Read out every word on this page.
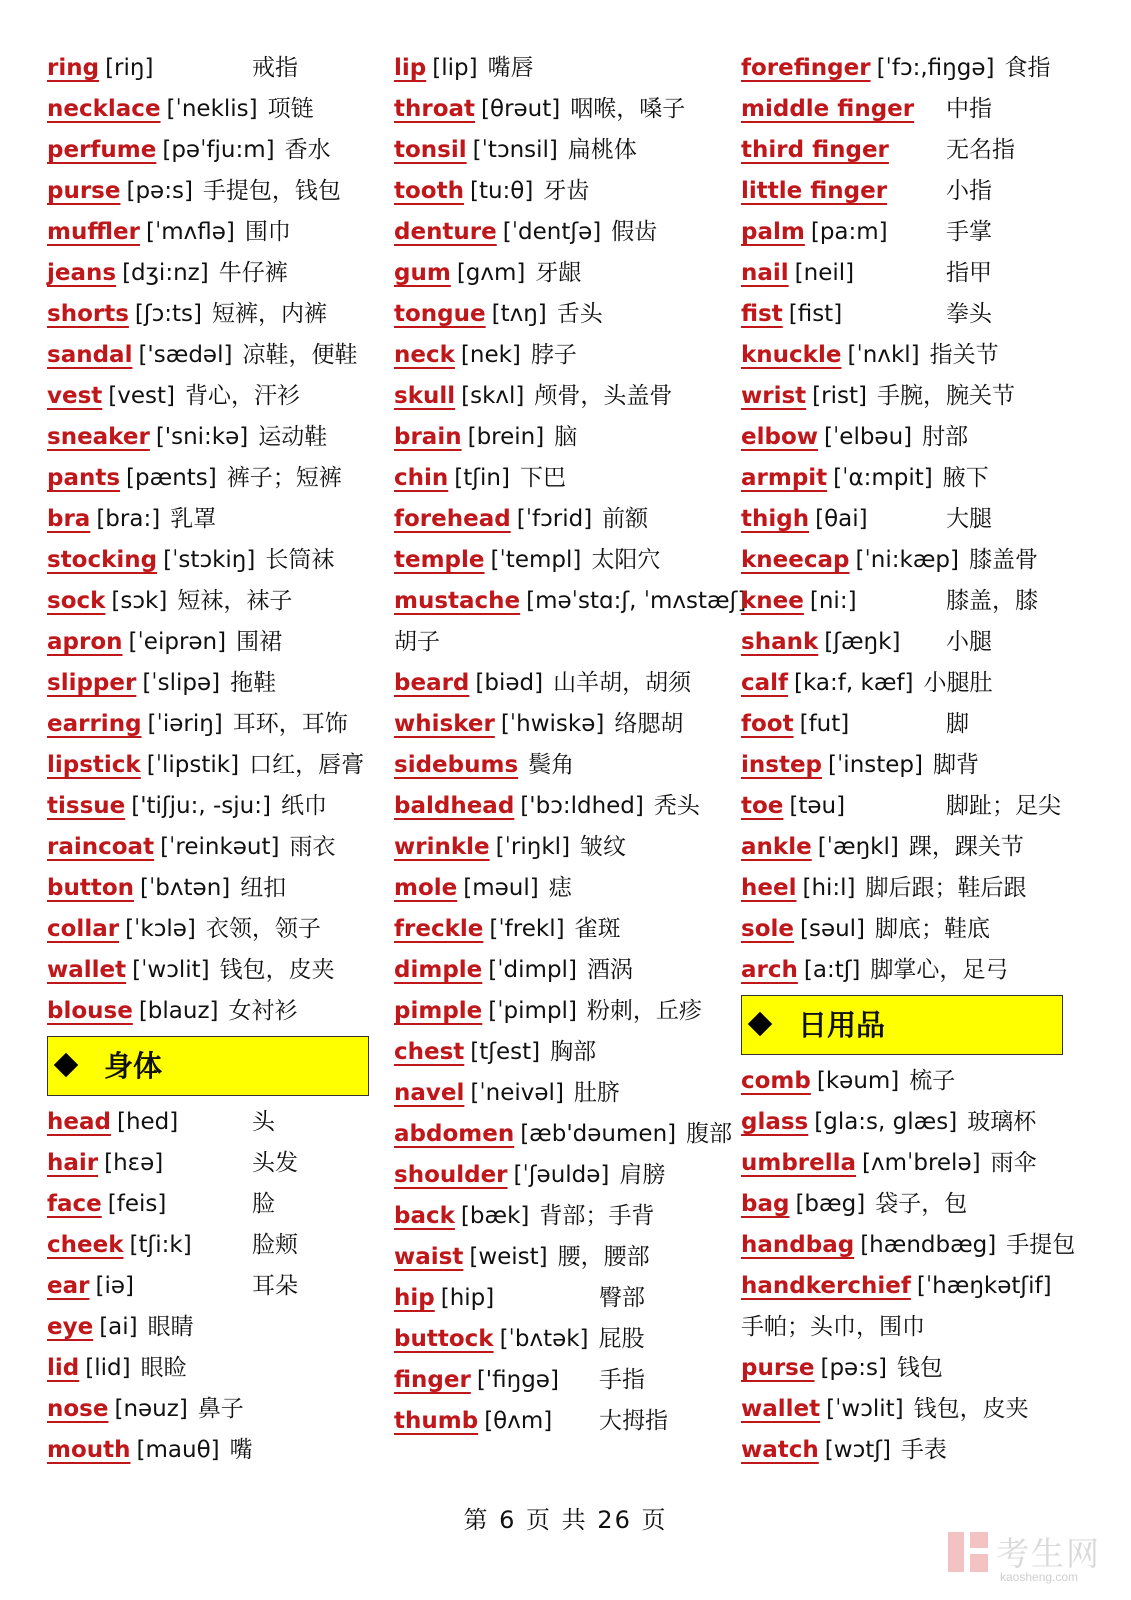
ring [riŋ]	戒指
necklace [ˈneklis] 项链
perfume [pəˈfju:m] 香水
purse [pə:s] 手提包，钱包
muffler [ˈmʌflə] 围巾
jeans [dʒi:nz] 牛仔裤
shorts [ʃɔ:ts] 短裤，内裤
sandal ['sædəl] 凉鞋，便鞋
vest [vest] 背心，汗衫
sneaker ['sni:kə] 运动鞋
pants [pænts] 裤子；短裤
bra [bra:] 乳罩
stocking [ˈstɔkiŋ] 长筒袜
sock [sɔk] 短袜，袜子
apron [ˈeiprən] 围裙
slipper [ˈslipə] 拖鞋
earring [ˈiəriŋ] 耳环，耳饰
lipstick [ˈlipstik] 口红，唇膏
tissue ['tiʃju:, -sju:] 纸巾
raincoat [ˈreinkəut] 雨衣
button [ˈbʌtən] 纽扣
collar [ˈkɔlə] 衣领，领子
wallet [ˈwɔlit] 钱包，皮夹
blouse [blauz] 女衬衫
身体
head [hed]	头
hair [hɛə]	头发
face [feis]	脸
cheek [tʃi:k]	脸颊
ear [iə]	耳朵
eye [ai] 眼睛
lid [lid] 眼睑
nose [nəuz] 鼻子
mouth [mauθ] 嘴
lip [lip] 嘴唇
throat [θrəut] 咽喉，嗓子
tonsil [ˈtɔnsil] 扁桃体
tooth [tu:θ] 牙齿
denture [ˈdentʃə] 假齿
gum [gʌm] 牙龈
tongue [tʌŋ] 舌头
neck [nek] 脖子
skull [skʌl] 颅骨，头盖骨
brain [brein] 脑
chin [tʃin] 下巴
forehead [ˈfɔrid] 前额
temple [ˈtempl] 太阳穴
mustache [məˈstɑ:ʃ, ˈmʌstæʃ]
胡子
beard [biəd] 山羊胡，胡须
whisker [ˈhwiskə] 络腮胡
sidebums 鬓角
baldhead ['bɔ:ldhed] 秃头
wrinkle [ˈriŋkl] 皱纹
mole [məul] 痣
freckle [ˈfrekl] 雀斑
dimple [ˈdimpl] 酒涡
pimple [ˈpimpl] 粉刺，丘疹
chest [tʃest] 胸部
navel [ˈneivəl] 肚脐
abdomen [æb'dəumen] 腹部
shoulder [ˈʃəuldə] 肩膀
back [bæk] 背部；手背
waist [weist] 腰，腰部
hip [hip]	臀部
buttock [ˈbʌtək] 屁股
finger ['fiŋgə] 手指
thumb [θʌm] 大拇指
forefinger [ˈfɔ:,fiŋgə] 食指
middle finger 中指
third finger 无名指
little finger	小指
palm [pa:m]	手掌
nail [neil]	指甲
fist [fist]	拳头
knuckle [ˈnʌkl] 指关节
wrist [rist] 手腕，腕关节
elbow [ˈelbəu] 肘部
armpit [ˈα:mpit] 腋下
thigh [θai]	大腿
kneecap [ˈni:kæp] 膝盖骨
knee [ni:]	膝盖，膝
shank [ʃæŋk] 小腿
calf [ka:f, kæf] 小腿肚
foot [fut]	脚
instep [ˈinstep] 脚背
toe [təu]	脚趾；足尖
ankle [ˈæŋkl] 踝，踝关节
heel [hi:l] 脚后跟；鞋后跟
sole [səul] 脚底；鞋底
arch [a:tʃ] 脚掌心，足弓
日用品
comb [kəum] 梳子
glass [gla:s, glæs] 玻璃杯
umbrella [ʌmˈbrelə] 雨伞
bag [bæg] 袋子，包
handbag [hændbæg] 手提包
handkerchief [ˈhæŋkətʃif]
手帕；头巾，围巾
purse [pə:s] 钱包
wallet [ˈwɔlit] 钱包，皮夹
watch [wɔtʃ] 手表
第 6 页 共 26 页
考生网
kaosheng.com
